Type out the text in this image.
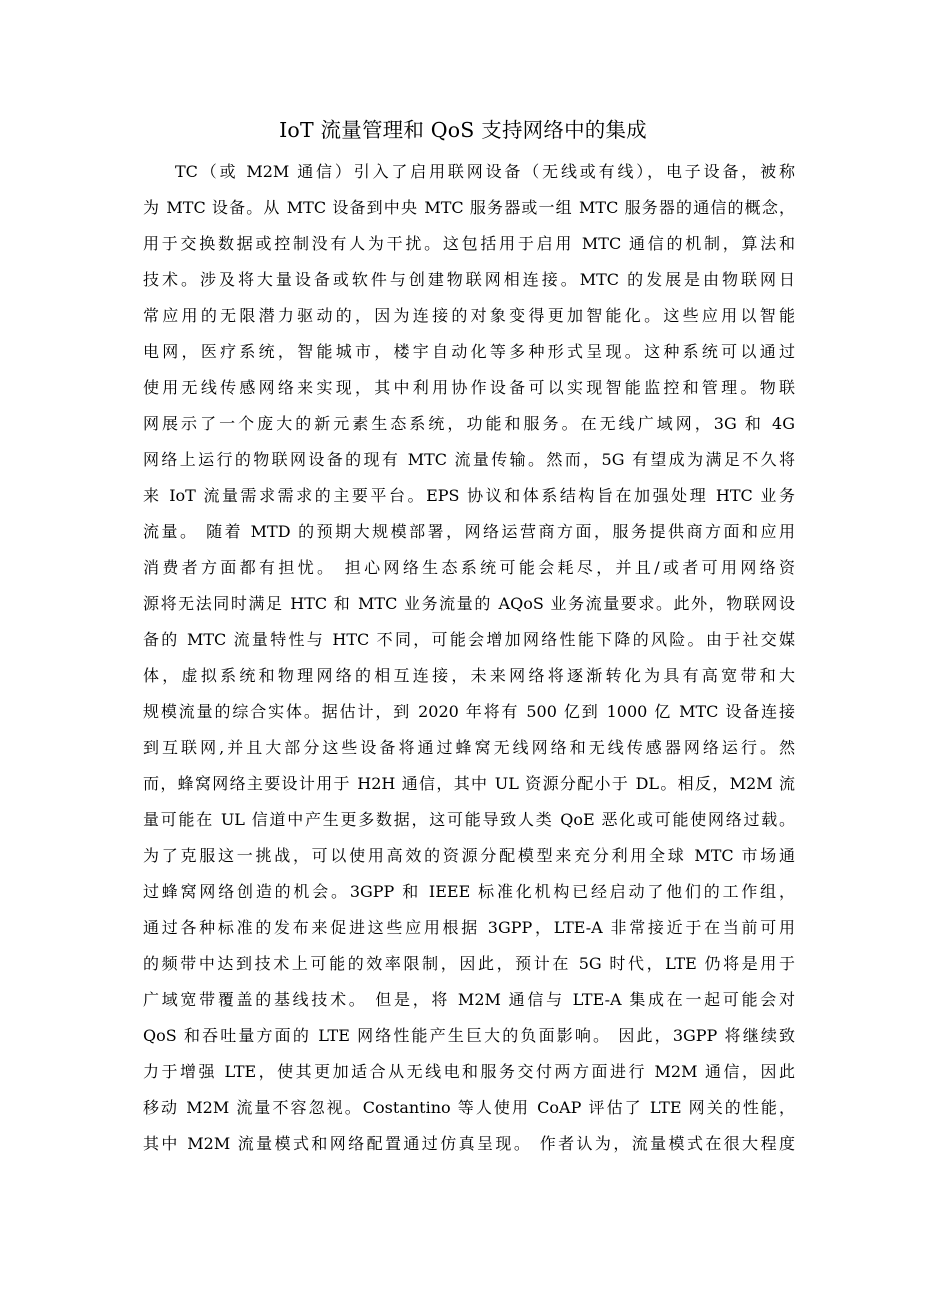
IoT 流量管理和 QoS 支持网络中的集成
TC（或 M2M 通信）引入了启用联网设备（无线或有线），电子设备，被称
为 MTC 设备。从 MTC 设备到中央 MTC 服务器或一组 MTC 服务器的通信的概念，
用于交换数据或控制没有人为干扰。这包括用于启用 MTC 通信的机制，算法和
技术。涉及将大量设备或软件与创建物联网相连接。MTC 的发展是由物联网日
常应用的无限潜力驱动的，因为连接的对象变得更加智能化。这些应用以智能
电网，医疗系统，智能城市，楼宇自动化等多种形式呈现。这种系统可以通过
使用无线传感网络来实现，其中利用协作设备可以实现智能监控和管理。物联
网展示了一个庞大的新元素生态系统，功能和服务。在无线广域网，3G 和 4G
网络上运行的物联网设备的现有 MTC 流量传输。然而，5G 有望成为满足不久将
来 IoT 流量需求需求的主要平台。EPS 协议和体系结构旨在加强处理 HTC 业务
流量。 随着 MTD 的预期大规模部署，网络运营商方面，服务提供商方面和应用
消费者方面都有担忧。 担心网络生态系统可能会耗尽，并且/或者可用网络资
源将无法同时满足 HTC 和 MTC 业务流量的 AQoS 业务流量要求。此外，物联网设
备的 MTC 流量特性与 HTC 不同，可能会增加网络性能下降的风险。由于社交媒
体，虚拟系统和物理网络的相互连接，未来网络将逐渐转化为具有高宽带和大
规模流量的综合实体。据估计，到 2020 年将有 500 亿到 1000 亿 MTC 设备连接
到互联网,并且大部分这些设备将通过蜂窝无线网络和无线传感器网络运行。然
而，蜂窝网络主要设计用于 H2H 通信，其中 UL 资源分配小于 DL。相反，M2M 流
量可能在 UL 信道中产生更多数据，这可能导致人类 QoE 恶化或可能使网络过载。
为了克服这一挑战，可以使用高效的资源分配模型来充分利用全球 MTC 市场通
过蜂窝网络创造的机会。3GPP 和 IEEE 标准化机构已经启动了他们的工作组，
通过各种标准的发布来促进这些应用根据 3GPP，LTE-A 非常接近于在当前可用
的频带中达到技术上可能的效率限制，因此，预计在 5G 时代，LTE 仍将是用于
广域宽带覆盖的基线技术。 但是，将 M2M 通信与 LTE-A 集成在一起可能会对
QoS 和吞吐量方面的 LTE 网络性能产生巨大的负面影响。 因此，3GPP 将继续致
力于增强 LTE，使其更加适合从无线电和服务交付两方面进行 M2M 通信，因此
移动 M2M 流量不容忽视。Costantino 等人使用 CoAP 评估了 LTE 网关的性能，
其中 M2M 流量模式和网络配置通过仿真呈现。 作者认为，流量模式在很大程度
